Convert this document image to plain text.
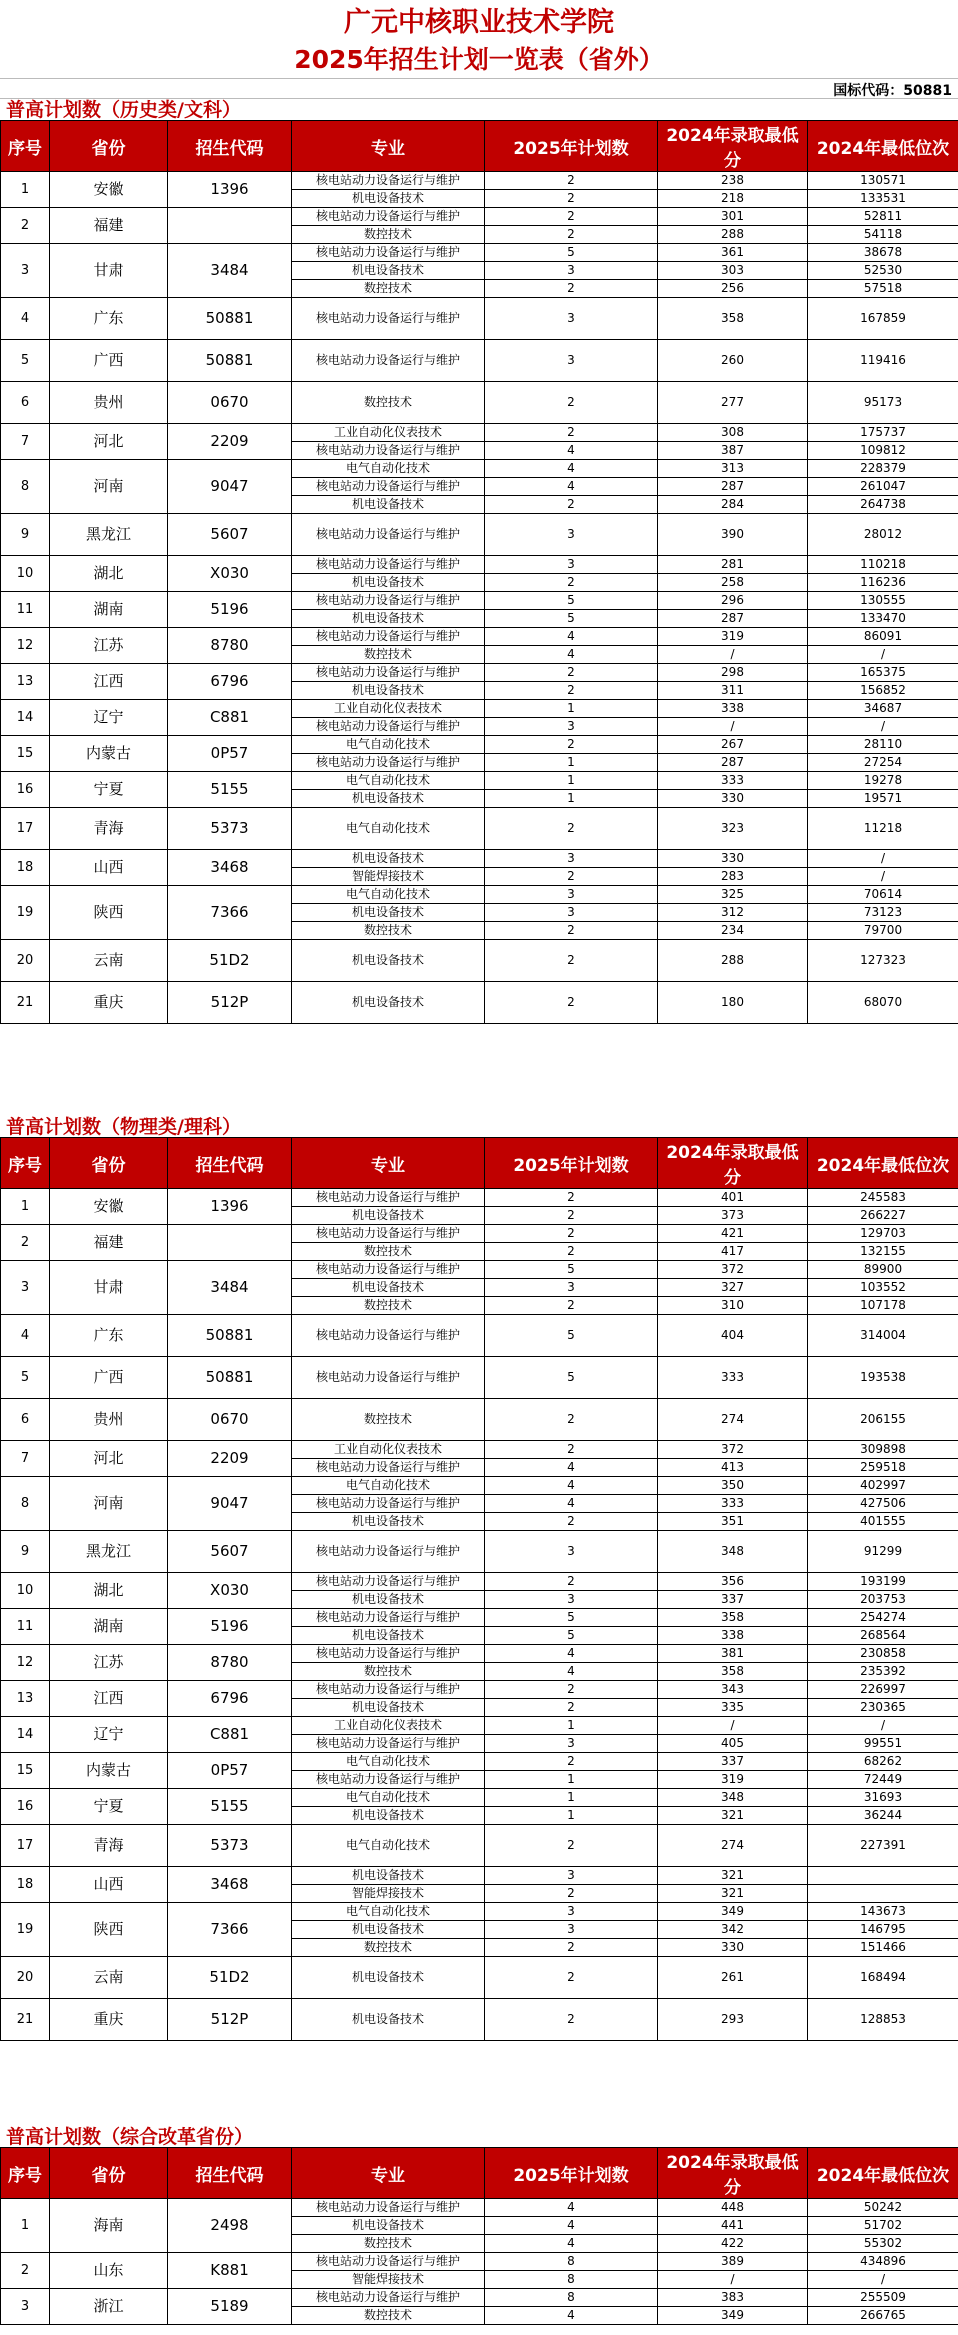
广元中核职业技术学院
2025年招生计划一览表（省外）
国标代码：50881
普高计划数（历史类/文科）
序号	省份	招生代码	专业	2025年计划数	2024年录取最低分	2024年最低位次
1	安徽	1396	核电站动力设备运行与维护	2	238	130571
			机电设备技术	2	218	133531
2	福建		核电站动力设备运行与维护	2	301	52811
			数控技术	2	288	54118
3	甘肃	3484	核电站动力设备运行与维护	5	361	38678
			机电设备技术	3	303	52530
			数控技术	2	256	57518
4	广东	50881	核电站动力设备运行与维护	3	358	167859
5	广西	50881	核电站动力设备运行与维护	3	260	119416
6	贵州	0670	数控技术	2	277	95173
7	河北	2209	工业自动化仪表技术	2	308	175737
			核电站动力设备运行与维护	4	387	109812
8	河南	9047	电气自动化技术	4	313	228379
			核电站动力设备运行与维护	4	287	261047
			机电设备技术	2	284	264738
9	黑龙江	5607	核电站动力设备运行与维护	3	390	28012
10	湖北	X030	核电站动力设备运行与维护	3	281	110218
			机电设备技术	2	258	116236
11	湖南	5196	核电站动力设备运行与维护	5	296	130555
			机电设备技术	5	287	133470
12	江苏	8780	核电站动力设备运行与维护	4	319	86091
			数控技术	4	/	/
13	江西	6796	核电站动力设备运行与维护	2	298	165375
			机电设备技术	2	311	156852
14	辽宁	C881	工业自动化仪表技术	1	338	34687
			核电站动力设备运行与维护	3	/	/
15	内蒙古	0P57	电气自动化技术	2	267	28110
			核电站动力设备运行与维护	1	287	27254
16	宁夏	5155	电气自动化技术	1	333	19278
			机电设备技术	1	330	19571
17	青海	5373	电气自动化技术	2	323	11218
18	山西	3468	机电设备技术	3	330	/
			智能焊接技术	2	283	/
19	陕西	7366	电气自动化技术	3	325	70614
			机电设备技术	3	312	73123
			数控技术	2	234	79700
20	云南	51D2	机电设备技术	2	288	127323
21	重庆	512P	机电设备技术	2	180	68070
普高计划数（物理类/理科）
序号	省份	招生代码	专业	2025年计划数	2024年录取最低分	2024年最低位次
1	安徽	1396	核电站动力设备运行与维护	2	401	245583
			机电设备技术	2	373	266227
2	福建		核电站动力设备运行与维护	2	421	129703
			数控技术	2	417	132155
3	甘肃	3484	核电站动力设备运行与维护	5	372	89900
			机电设备技术	3	327	103552
			数控技术	2	310	107178
4	广东	50881	核电站动力设备运行与维护	5	404	314004
5	广西	50881	核电站动力设备运行与维护	5	333	193538
6	贵州	0670	数控技术	2	274	206155
7	河北	2209	工业自动化仪表技术	2	372	309898
			核电站动力设备运行与维护	4	413	259518
8	河南	9047	电气自动化技术	4	350	402997
			核电站动力设备运行与维护	4	333	427506
			机电设备技术	2	351	401555
9	黑龙江	5607	核电站动力设备运行与维护	3	348	91299
10	湖北	X030	核电站动力设备运行与维护	2	356	193199
			机电设备技术	3	337	203753
11	湖南	5196	核电站动力设备运行与维护	5	358	254274
			机电设备技术	5	338	268564
12	江苏	8780	核电站动力设备运行与维护	4	381	230858
			数控技术	4	358	235392
13	江西	6796	核电站动力设备运行与维护	2	343	226997
			机电设备技术	2	335	230365
14	辽宁	C881	工业自动化仪表技术	1	/	/
			核电站动力设备运行与维护	3	405	99551
15	内蒙古	0P57	电气自动化技术	2	337	68262
			核电站动力设备运行与维护	1	319	72449
16	宁夏	5155	电气自动化技术	1	348	31693
			机电设备技术	1	321	36244
17	青海	5373	电气自动化技术	2	274	227391
18	山西	3468	机电设备技术	3	321	
			智能焊接技术	2	321	
19	陕西	7366	电气自动化技术	3	349	143673
			机电设备技术	3	342	146795
			数控技术	2	330	151466
20	云南	51D2	机电设备技术	2	261	168494
21	重庆	512P	机电设备技术	2	293	128853
普高计划数（综合改革省份）
序号	省份	招生代码	专业	2025年计划数	2024年录取最低分	2024年最低位次
1	海南	2498	核电站动力设备运行与维护	4	448	50242
			机电设备技术	4	441	51702
			数控技术	4	422	55302
2	山东	K881	核电站动力设备运行与维护	8	389	434896
			智能焊接技术	8	/	/
3	浙江	5189	核电站动力设备运行与维护	8	383	255509
			数控技术	4	349	266765
